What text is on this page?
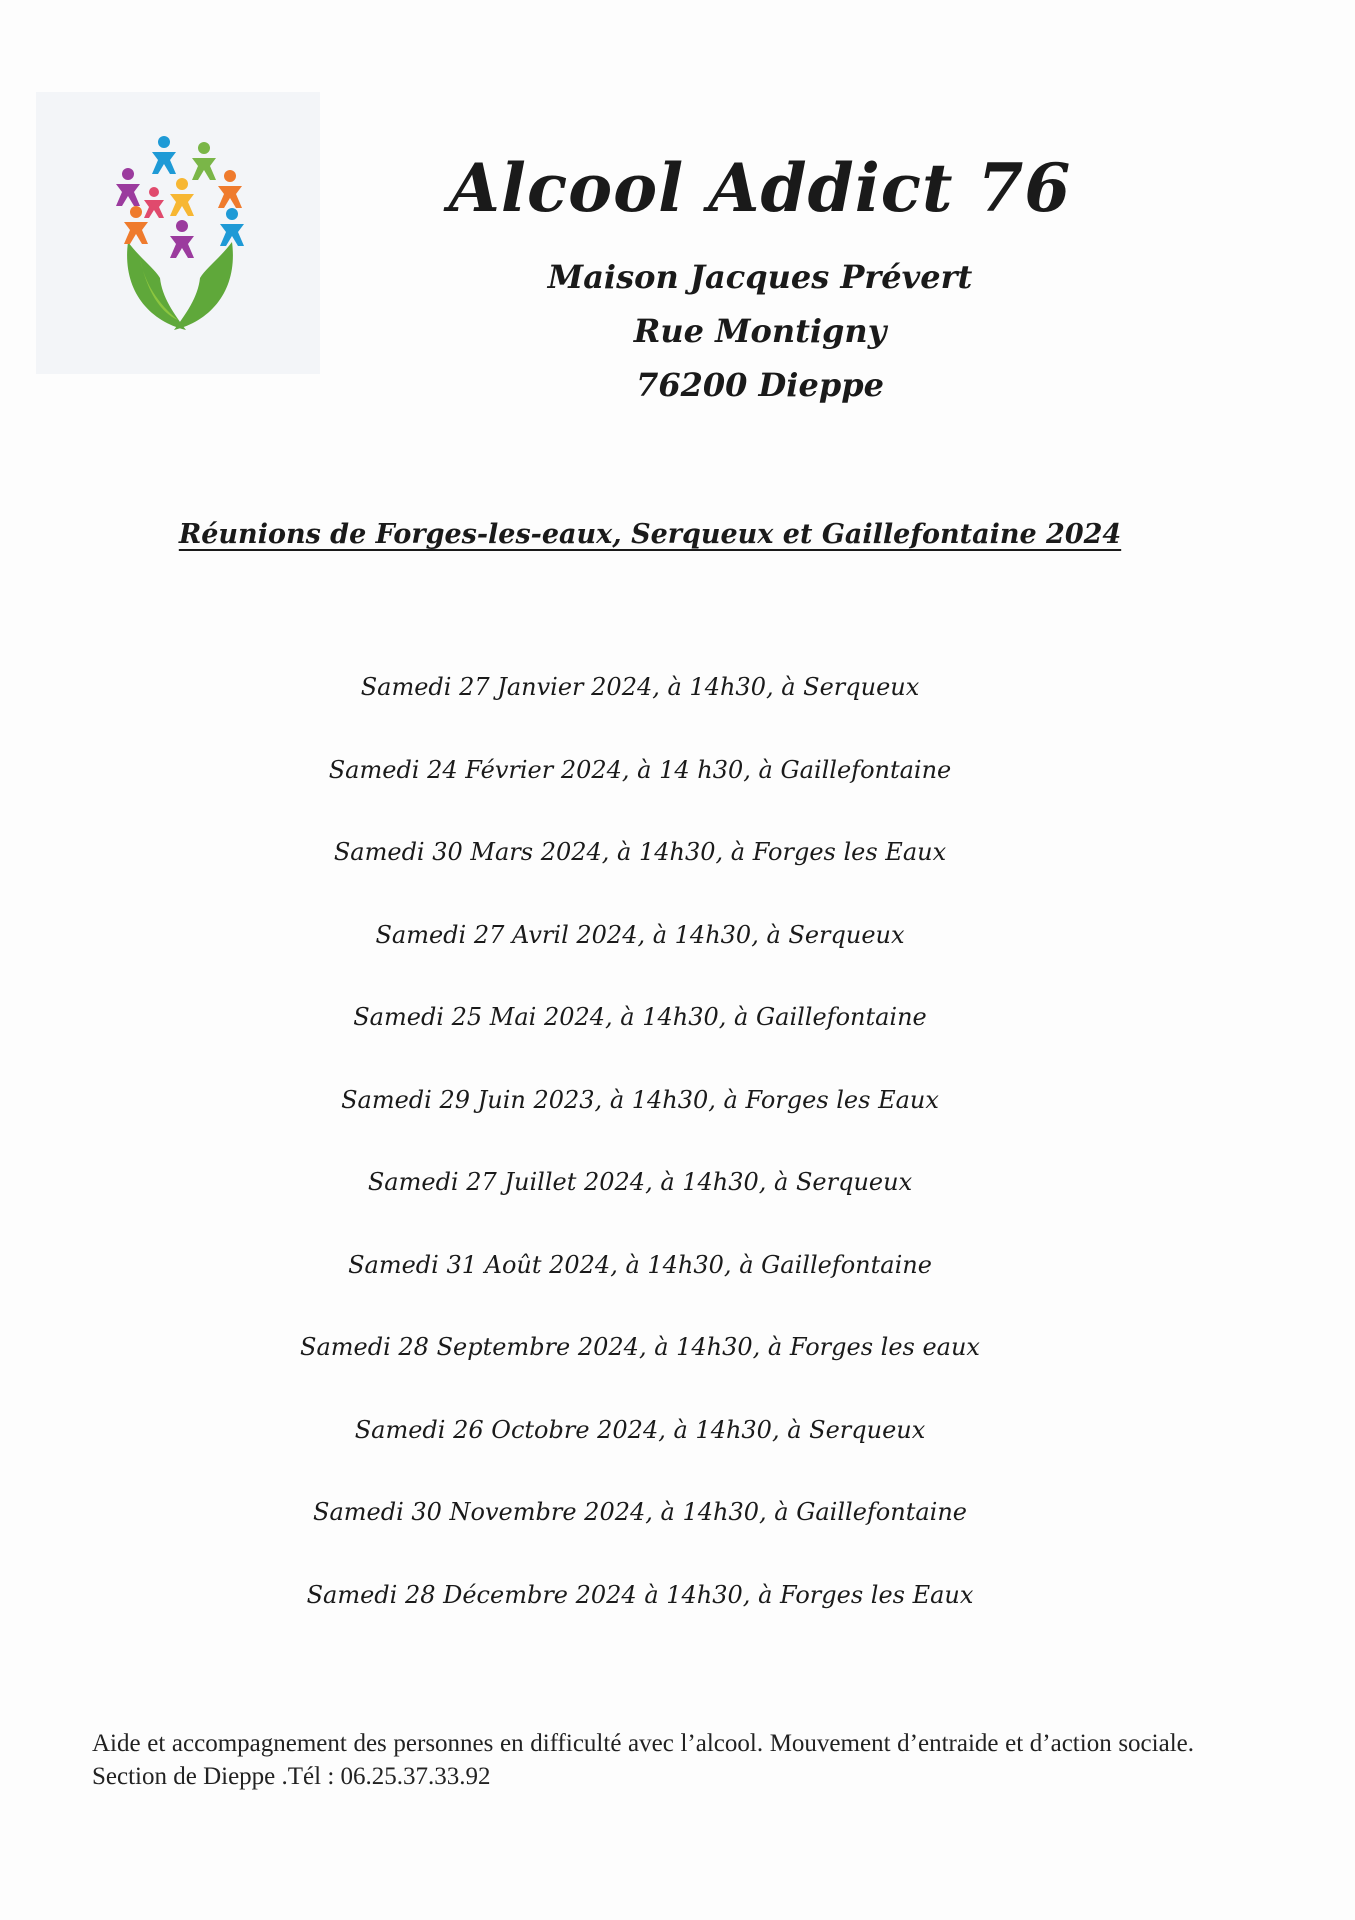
Alcool Addict 76
Maison Jacques Prévert
Rue Montigny
76200 Dieppe
Réunions de Forges-les-eaux, Serqueux et Gaillefontaine 2024
Samedi 27 Janvier 2024, à 14h30, à Serqueux
Samedi 24 Février 2024, à 14 h30, à Gaillefontaine
Samedi 30 Mars 2024, à 14h30, à Forges les Eaux
Samedi 27 Avril 2024, à 14h30, à Serqueux
Samedi 25 Mai 2024, à 14h30, à Gaillefontaine
Samedi 29 Juin 2023, à 14h30, à Forges les Eaux
Samedi 27 Juillet 2024, à 14h30, à Serqueux
Samedi 31 Août 2024, à 14h30, à Gaillefontaine
Samedi 28 Septembre 2024, à 14h30, à Forges les eaux
Samedi 26 Octobre 2024, à 14h30, à Serqueux
Samedi 30 Novembre 2024, à 14h30, à Gaillefontaine
Samedi 28 Décembre 2024 à 14h30, à Forges les Eaux
Aide et accompagnement des personnes en difficulté avec l’alcool. Mouvement d’entraide et d’action sociale. Section de Dieppe .Tél : 06.25.37.33.92
